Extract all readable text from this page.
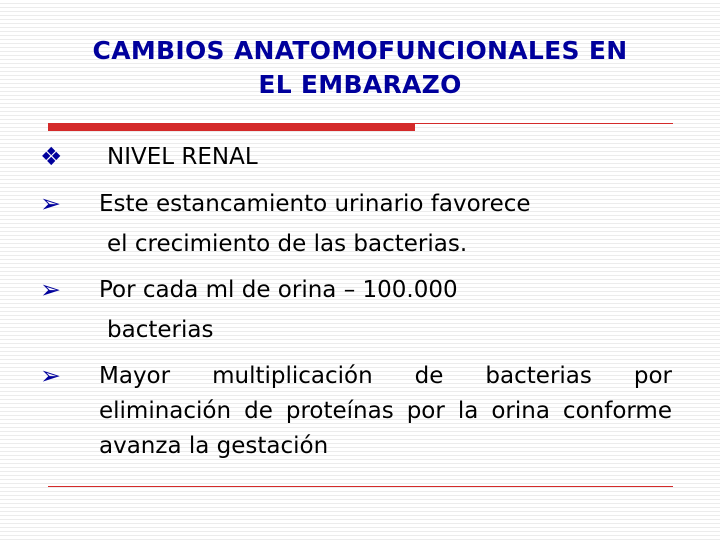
CAMBIOS ANATOMOFUNCIONALES EN
EL EMBARAZO
❖	NIVEL RENAL
➢	Este estancamiento urinario favorece
el crecimiento de las bacterias.
➢	Por cada ml de orina – 100.000
bacterias
➢	Mayor multiplicación de bacterias por
eliminación de proteínas por la orina conforme
avanza la gestación
